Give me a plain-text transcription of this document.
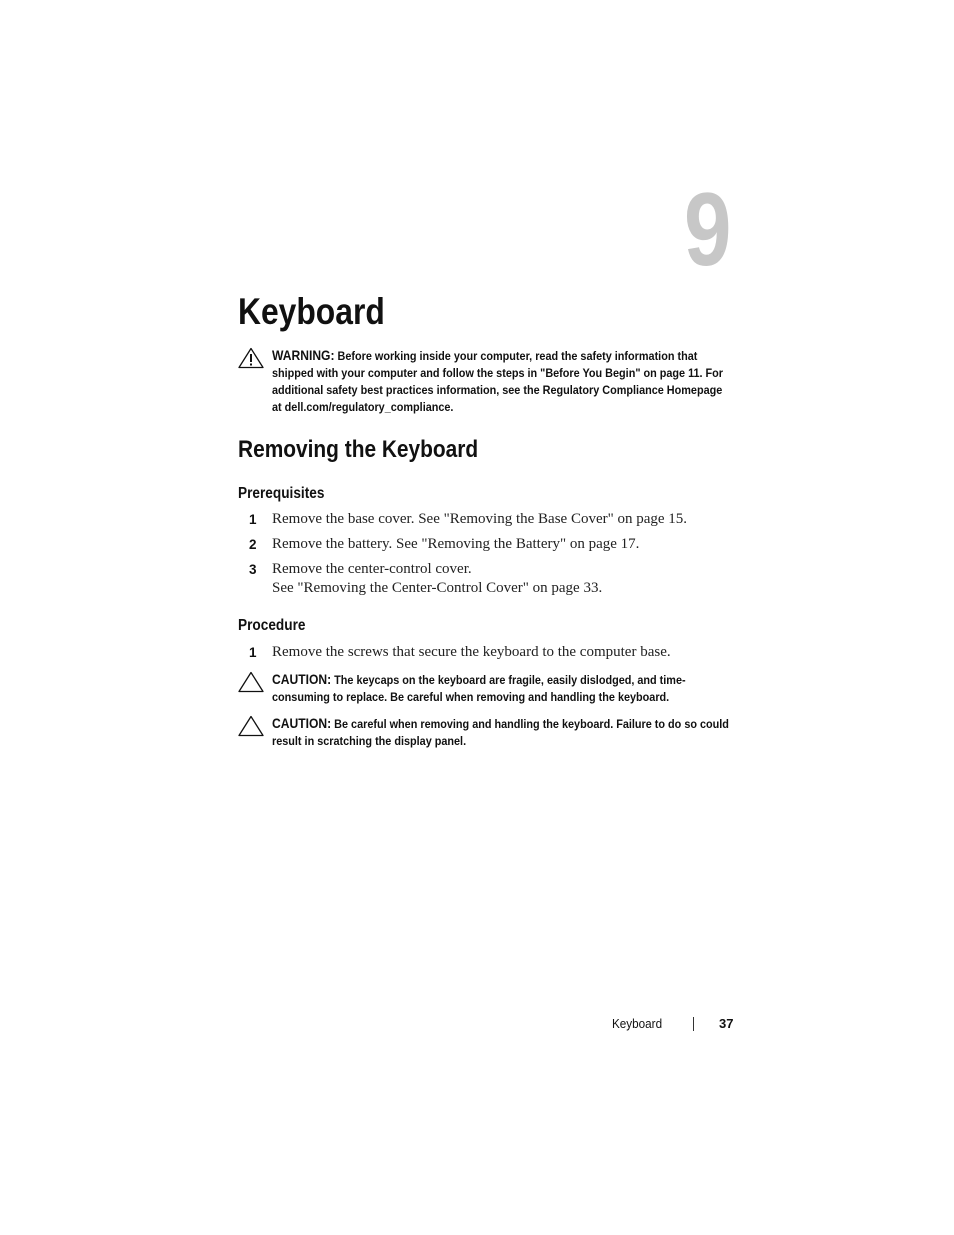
9
Keyboard
WARNING: Before working inside your computer, read the safety information that shipped with your computer and follow the steps in "Before You Begin" on page 11. For additional safety best practices information, see the Regulatory Compliance Homepage at dell.com/regulatory_compliance.
Removing the Keyboard
Prerequisites
1 Remove the base cover. See "Removing the Base Cover" on page 15.
2 Remove the battery. See "Removing the Battery" on page 17.
3 Remove the center-control cover.
See "Removing the Center-Control Cover" on page 33.
Procedure
1 Remove the screws that secure the keyboard to the computer base.
CAUTION: The keycaps on the keyboard are fragile, easily dislodged, and time-consuming to replace. Be careful when removing and handling the keyboard.
CAUTION: Be careful when removing and handling the keyboard. Failure to do so could result in scratching the display panel.
Keyboard	37
